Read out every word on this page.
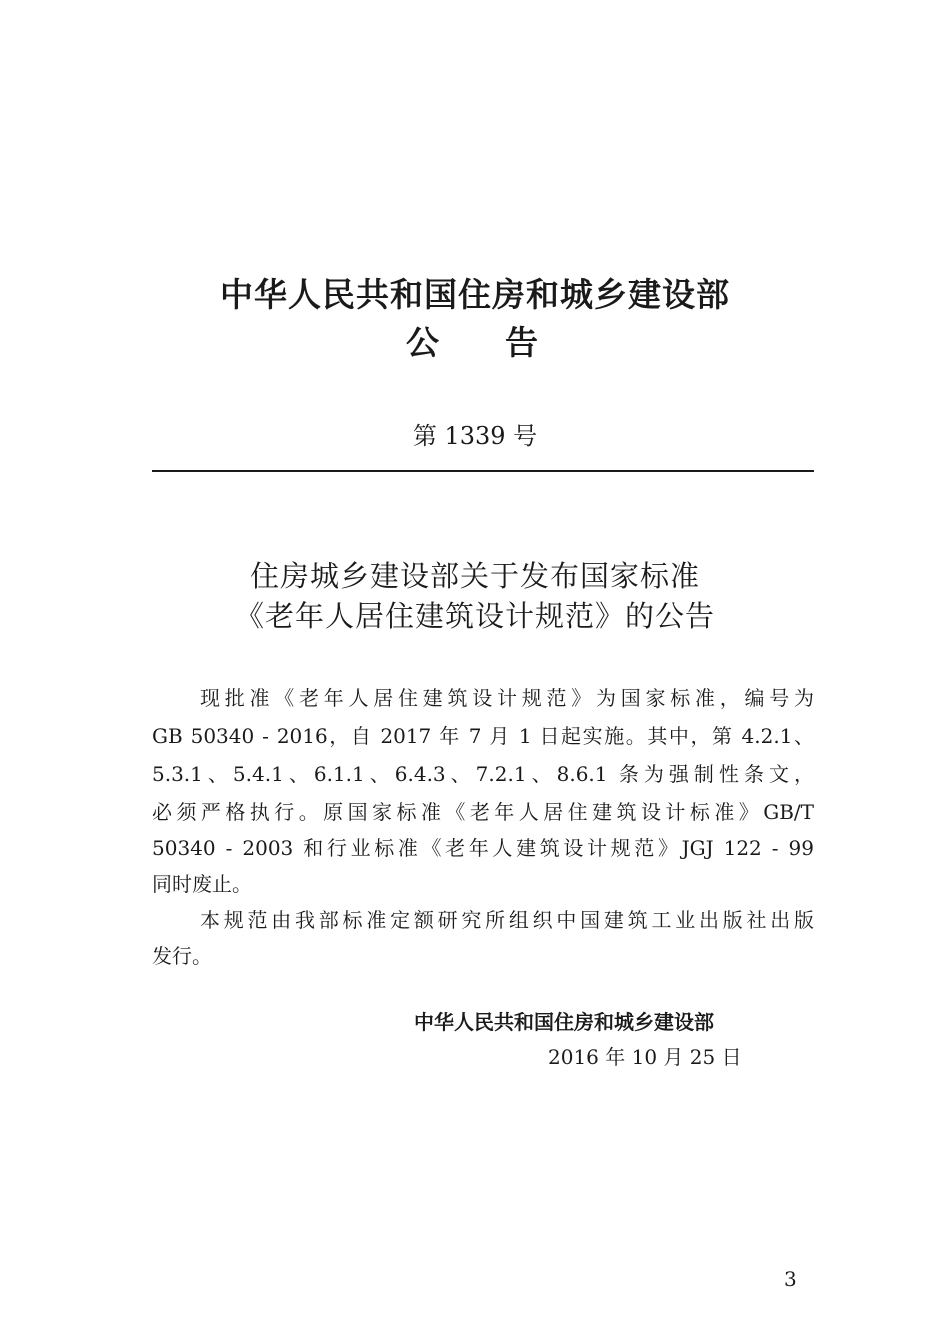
中华人民共和国住房和城乡建设部
公告
第 1339 号
住房城乡建设部关于发布国家标准
《老年人居住建筑设计规范》的公告
现批准《老年人居住建筑设计规范》为国家标准，编号为
GB 50340 - 2016，自 2017 年 7 月 1 日起实施。其中，第 4.2.1、
5.3.1、5.4.1、6.1.1、6.4.3、7.2.1、8.6.1 条为强制性条文，
必须严格执行。原国家标准《老年人居住建筑设计标准》GB/T
50340 - 2003 和行业标准《老年人建筑设计规范》JGJ 122 - 99
同时废止。
本规范由我部标准定额研究所组织中国建筑工业出版社出版
发行。
中华人民共和国住房和城乡建设部
2016 年 10 月 25 日
3
